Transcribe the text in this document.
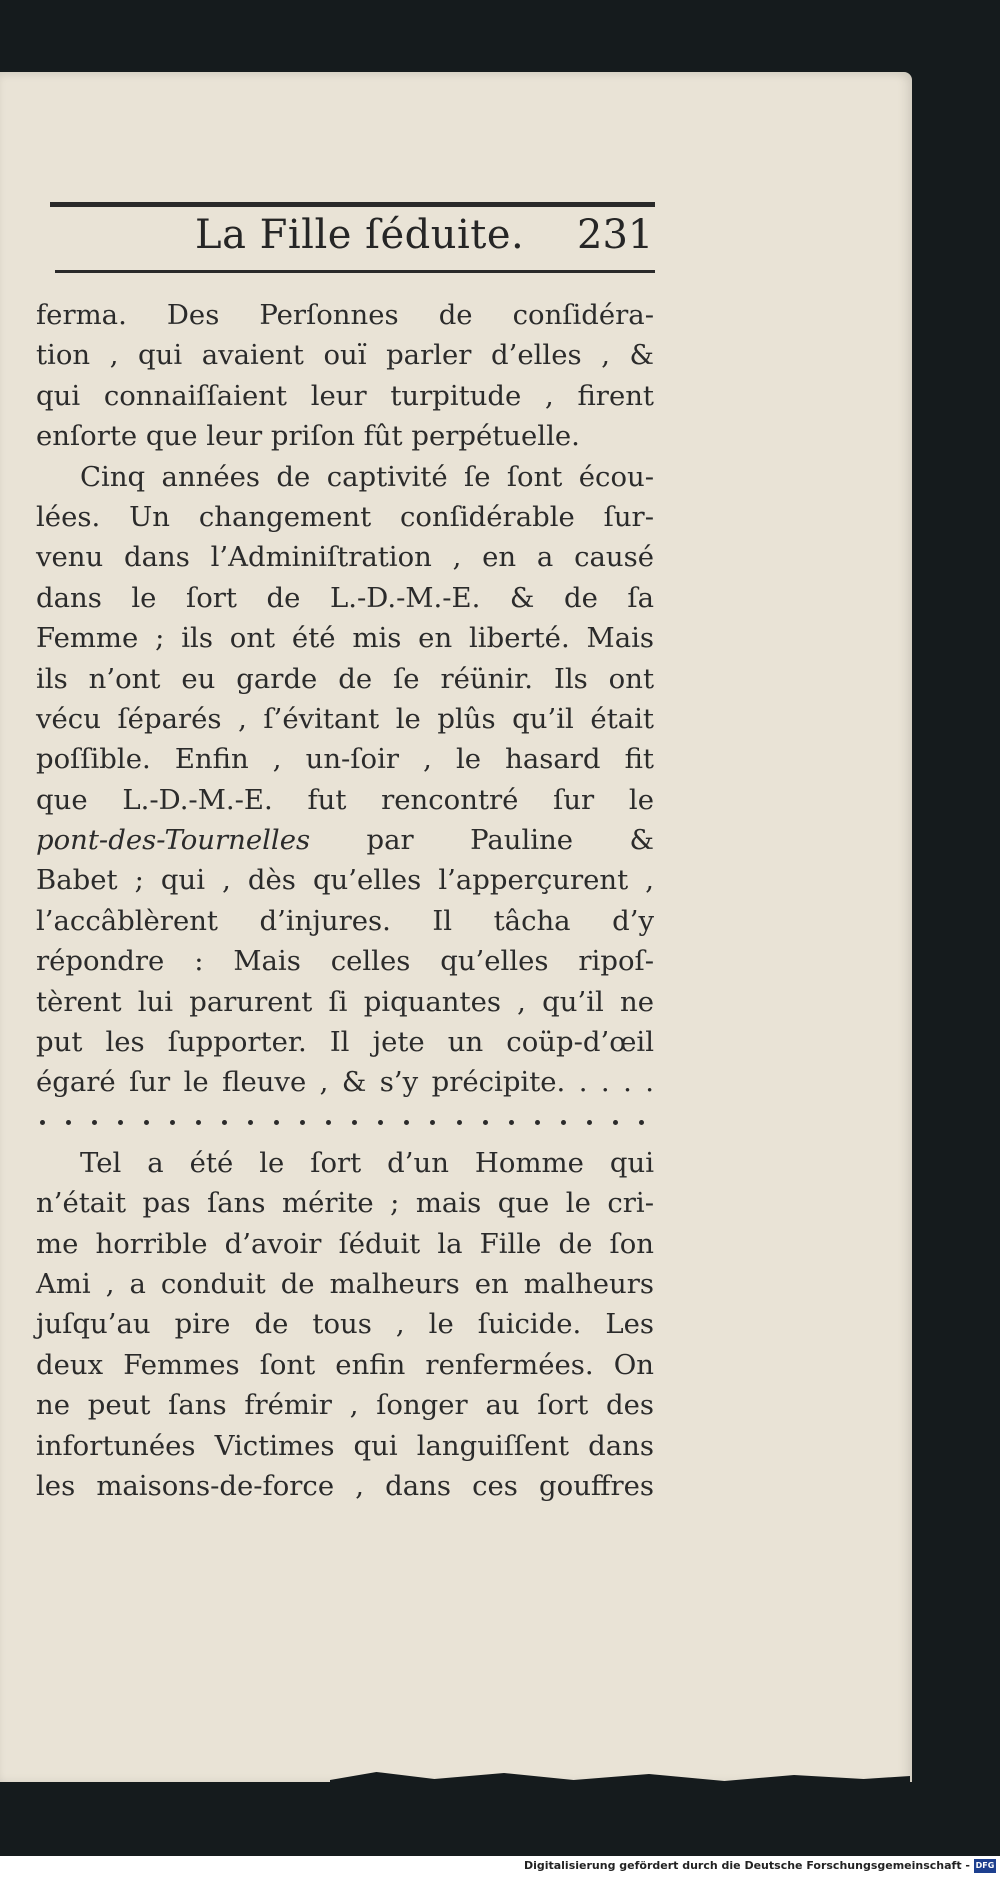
La Fille ſéduite. 231
ferma. Des Perſonnes de conſidéra-
tion , qui avaient ouï parler d’elles , &
qui connaiſſaient leur turpitude , firent
enſorte que leur priſon fût perpétuelle.
Cinq années de captivité ſe ſont écou-
lées. Un changement conſidérable ſur-
venu dans l’Adminiſtration , en a causé
dans le ſort de L.-D.-M.-E. & de ſa
Femme ; ils ont été mis en liberté. Mais
ils n’ont eu garde de ſe réünir. Ils ont
vécu ſéparés , ſ’évitant le plûs qu’il était
poſſible. Enfin , un-ſoir , le hasard fit
que L.-D.-M.-E. fut rencontré ſur le
pont-des-Tournelles par Pauline &
Babet ; qui , dès qu’elles l’apperçurent ,
l’accâblèrent d’injures. Il tâcha d’y
répondre : Mais celles qu’elles ripoſ-
tèrent lui parurent ſi piquantes , qu’il ne
put les ſupporter. Il jete un coüp-d’œil
égaré ſur le fleuve , & s’y précipite. . . . .
Tel a été le ſort d’un Homme qui
n’était pas ſans mérite ; mais que le cri-
me horrible d’avoir ſéduit la Fille de ſon
Ami , a conduit de malheurs en malheurs
juſqu’au pire de tous , le ſuicide. Les
deux Femmes ſont enfin renfermées. On
ne peut ſans frémir , ſonger au ſort des
infortunées Victimes qui languiſſent dans
les maisons-de-force , dans ces gouffres
Digitalisierung gefördert durch die Deutsche Forschungsgemeinschaft - DFG
